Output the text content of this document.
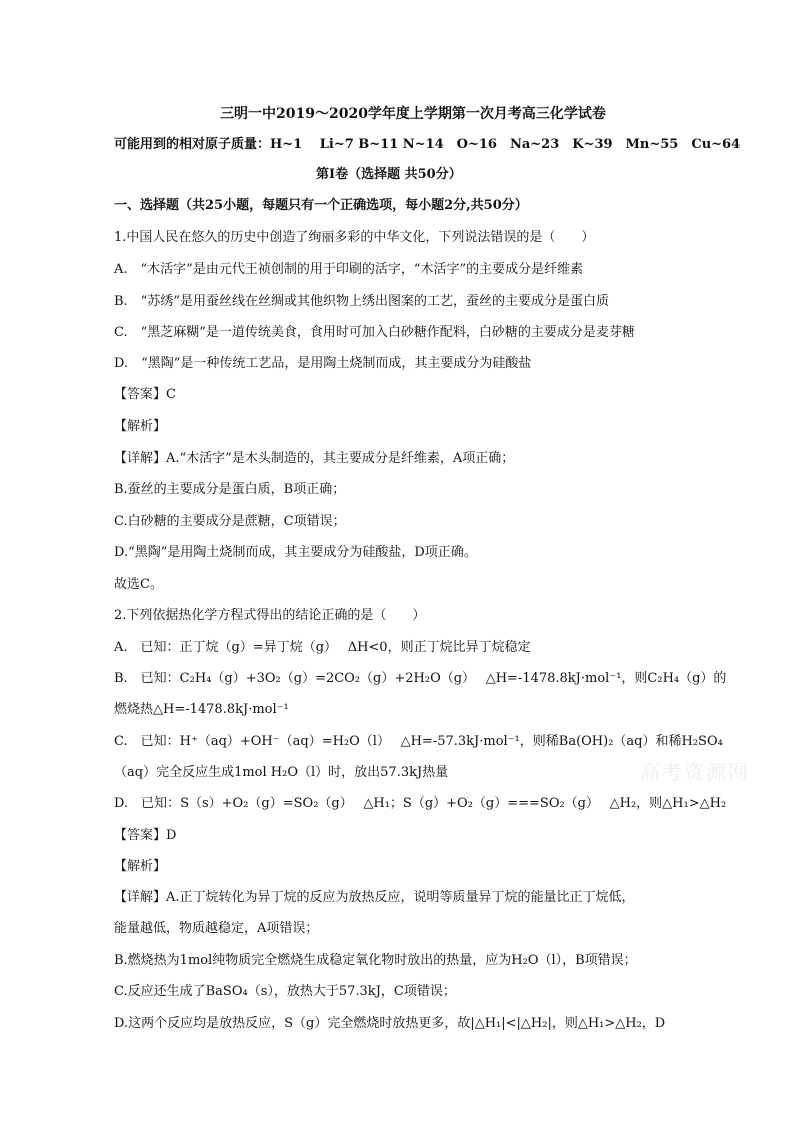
三明一中2019～2020学年度上学期第一次月考高三化学试卷
可能用到的相对原子质量：H~1　 Li~7 B~11 N~14　O~16　Na~23　K~39　Mn~55　Cu~64
第Ⅰ卷（选择题 共50分）
一、选择题（共25小题，每题只有一个正确选项，每小题2分,共50分）
1.中国人民在悠久的历史中创造了绚丽多彩的中华文化，下列说法错误的是（　　）
A.　“木活字”是由元代王祯创制的用于印刷的活字，“木活字”的主要成分是纤维素
B.　“苏绣”是用蚕丝线在丝绸或其他织物上绣出图案的工艺，蚕丝的主要成分是蛋白质
C.　“黑芝麻糊”是一道传统美食，食用时可加入白砂糖作配料，白砂糖的主要成分是麦芽糖
D.　“黑陶”是一种传统工艺品，是用陶土烧制而成，其主要成分为硅酸盐
【答案】C
【解析】
【详解】A.“木活字”是木头制造的，其主要成分是纤维素，A项正确；
B.蚕丝的主要成分是蛋白质，B项正确；
C.白砂糖的主要成分是蔗糖，C项错误；
D.“黑陶”是用陶土烧制而成，其主要成分为硅酸盐，D项正确。
故选C。
2.下列依据热化学方程式得出的结论正确的是（　　）
A.　已知：正丁烷（g）=异丁烷（g）　 ΔH<0，则正丁烷比异丁烷稳定
B.　已知：C₂H₄（g）+3O₂（g）=2CO₂（g）+2H₂O（g）　 △H=-1478.8kJ·mol⁻¹，则C₂H₄（g）的
燃烧热△H=-1478.8kJ·mol⁻¹
C.　已知：H⁺（aq）+OH⁻（aq）=H₂O（l）　 △H=-57.3kJ·mol⁻¹，则稀Ba(OH)₂（aq）和稀H₂SO₄
（aq）完全反应生成1mol H₂O（l）时，放出57.3kJ热量
D.　已知：S（s）+O₂（g）=SO₂（g）　 △H₁；S（g）+O₂（g）===SO₂（g）　 △H₂，则△H₁>△H₂
【答案】D
【解析】
【详解】A.正丁烷转化为异丁烷的反应为放热反应，说明等质量异丁烷的能量比正丁烷低，
能量越低，物质越稳定，A项错误；
B.燃烧热为1mol纯物质完全燃烧生成稳定氧化物时放出的热量，应为H₂O（l），B项错误；
C.反应还生成了BaSO₄（s），放热大于57.3kJ，C项错误；
D.这两个反应均是放热反应，S（g）完全燃烧时放热更多，故|△H₁|<|△H₂|，则△H₁>△H₂，D
高考资源网
